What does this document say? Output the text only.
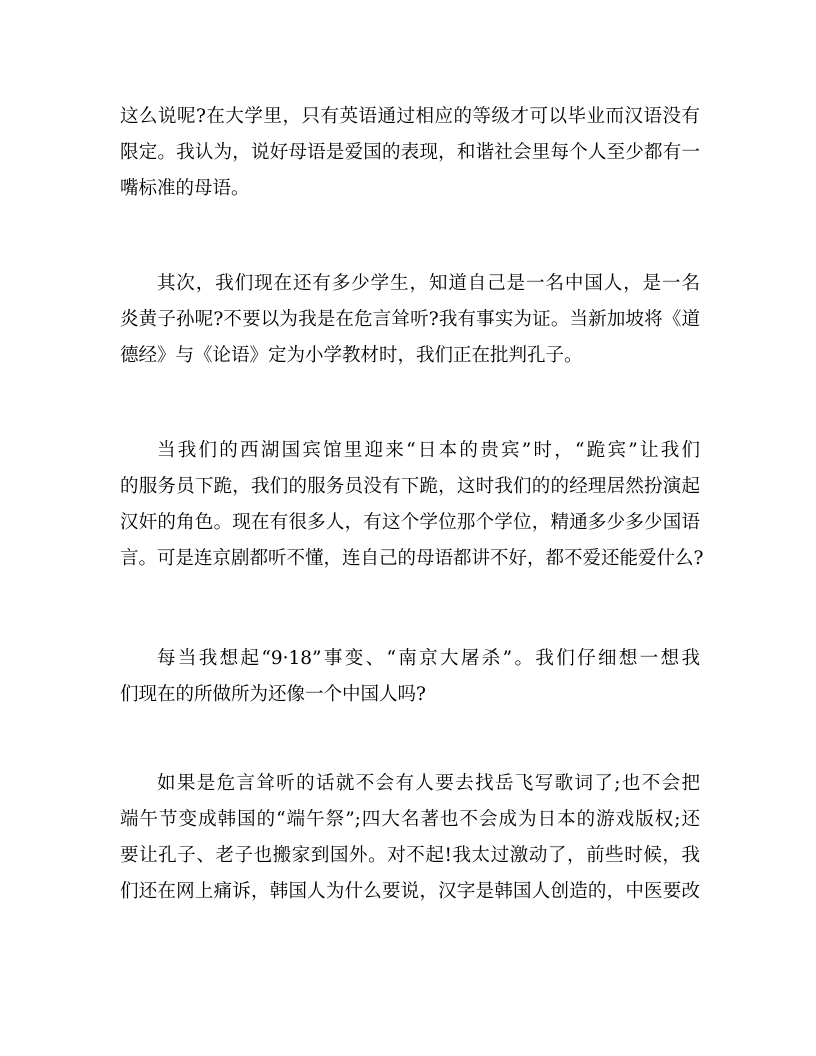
这么说呢?在大学里，只有英语通过相应的等级才可以毕业而汉语没有
限定。我认为，说好母语是爱国的表现，和谐社会里每个人至少都有一
嘴标准的母语。
其次，我们现在还有多少学生，知道自己是一名中国人，是一名
炎黄子孙呢?不要以为我是在危言耸听?我有事实为证。当新加坡将《道
德经》与《论语》定为小学教材时，我们正在批判孔子。
当我们的西湖国宾馆里迎来“日本的贵宾”时，“跪宾”让我们
的服务员下跪，我们的服务员没有下跪，这时我们的的经理居然扮演起
汉奸的角色。现在有很多人，有这个学位那个学位，精通多少多少国语
言。可是连京剧都听不懂，连自己的母语都讲不好，都不爱还能爱什么?
每当我想起“9·18”事变、“南京大屠杀”。我们仔细想一想我
们现在的所做所为还像一个中国人吗?
如果是危言耸听的话就不会有人要去找岳飞写歌词了;也不会把
端午节变成韩国的“端午祭”;四大名著也不会成为日本的游戏版权;还
要让孔子、老子也搬家到国外。对不起!我太过激动了，前些时候，我
们还在网上痛诉，韩国人为什么要说，汉字是韩国人创造的，中医要改
